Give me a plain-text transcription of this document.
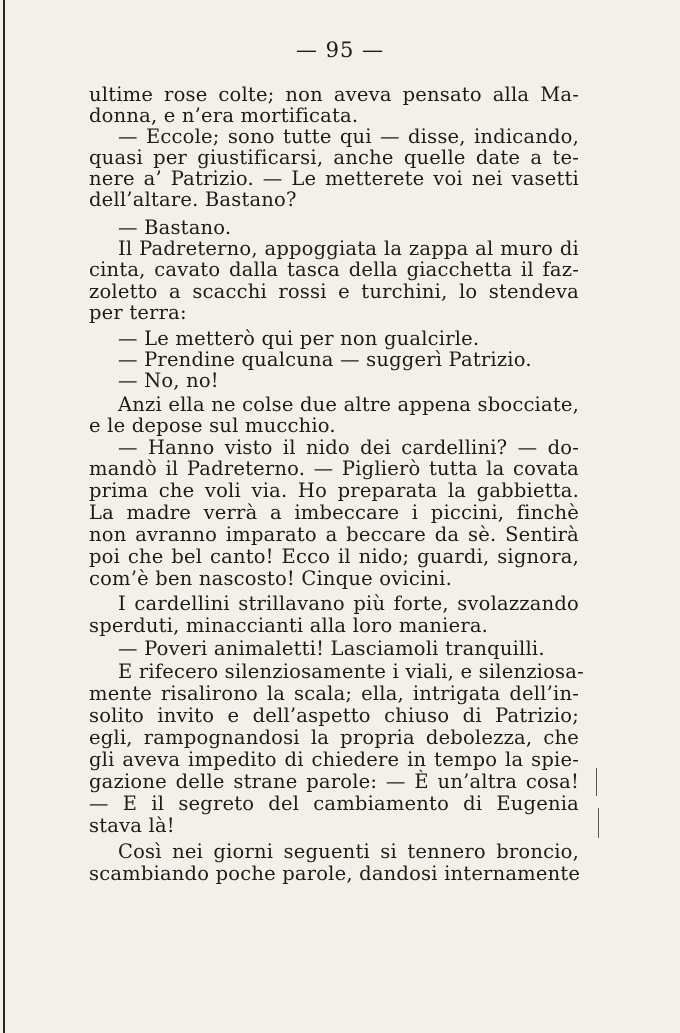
— 95 —
ultime rose colte; non aveva pensato alla Ma-
donna, e n’era mortificata.
— Eccole; sono tutte qui — disse, indicando,
quasi per giustificarsi, anche quelle date a te-
nere a’ Patrizio. — Le metterete voi nei vasetti
dell’altare. Bastano?
— Bastano.
Il Padreterno, appoggiata la zappa al muro di
cinta, cavato dalla tasca della giacchetta il faz-
zoletto a scacchi rossi e turchini, lo stendeva
per terra:
— Le metterò qui per non gualcirle.
— Prendine qualcuna — suggerì Patrizio.
— No, no!
Anzi ella ne colse due altre appena sbocciate,
e le depose sul mucchio.
— Hanno visto il nido dei cardellini? — do-
mandò il Padreterno. — Piglierò tutta la covata
prima che voli via. Ho preparata la gabbietta.
La madre verrà a imbeccare i piccini, finchè
non avranno imparato a beccare da sè. Sentirà
poi che bel canto! Ecco il nido; guardi, signora,
com’è ben nascosto! Cinque ovicini.
I cardellini strillavano più forte, svolazzando
sperduti, minaccianti alla loro maniera.
— Poveri animaletti! Lasciamoli tranquilli.
E rifecero silenziosamente i viali, e silenziosa-
mente risalirono la scala; ella, intrigata dell’in-
solito invito e dell’aspetto chiuso di Patrizio;
egli, rampognandosi la propria debolezza, che
gli aveva impedito di chiedere in tempo la spie-
gazione delle strane parole: — È un’altra cosa!
— E il segreto del cambiamento di Eugenia
stava là!
Così nei giorni seguenti si tennero broncio,
scambiando poche parole, dandosi internamente
